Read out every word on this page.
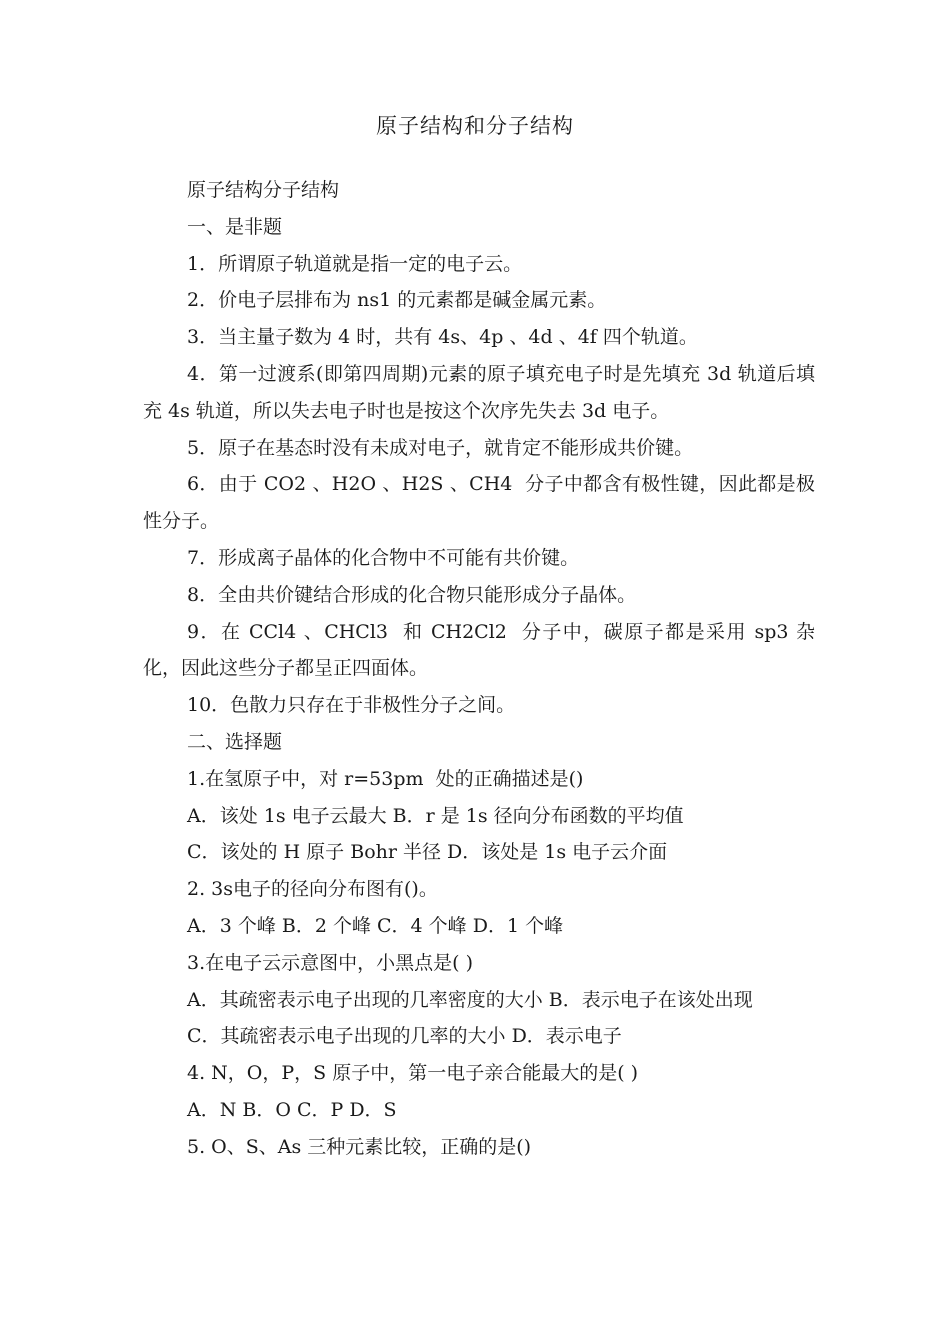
原子结构和分子结构

原子结构分子结构

一、是非题

1．所谓原子轨道就是指一定的电子云。

2．价电子层排布为 ns1 的元素都是碱金属元素。

3．当主量子数为 4 时，共有 4s、4p 、4d 、4f 四个轨道。

4．第一过渡系(即第四周期)元素的原子填充电子时是先填充 3d 轨道后填充 4s 轨道，所以失去电子时也是按这个次序先失去 3d 电子。

5．原子在基态时没有未成对电子，就肯定不能形成共价键。

6．由于 CO2 、H2O 、H2S 、CH4  分子中都含有极性键，因此都是极性分子。

7．形成离子晶体的化合物中不可能有共价键。

8．全由共价键结合形成的化合物只能形成分子晶体。

9．在 CCl4 、CHCl3  和 CH2Cl2  分子中，碳原子都是采用 sp3 杂化，因此这些分子都呈正四面体。

10．色散力只存在于非极性分子之间。

二、选择题

1.在氢原子中，对 r=53pm  处的正确描述是()

A．该处 1s 电子云最大 B．r 是 1s 径向分布函数的平均值

C．该处的 H 原子 Bohr 半径 D．该处是 1s 电子云介面

2. 3s电子的径向分布图有()。

A．3 个峰 B．2 个峰 C．4 个峰 D．1 个峰

3.在电子云示意图中，小黑点是( )

A．其疏密表示电子出现的几率密度的大小 B．表示电子在该处出现

C．其疏密表示电子出现的几率的大小 D．表示电子

4. N，O，P，S 原子中，第一电子亲合能最大的是( )

A．N B．O C．P D．S

5. O、S、As 三种元素比较，正确的是()
